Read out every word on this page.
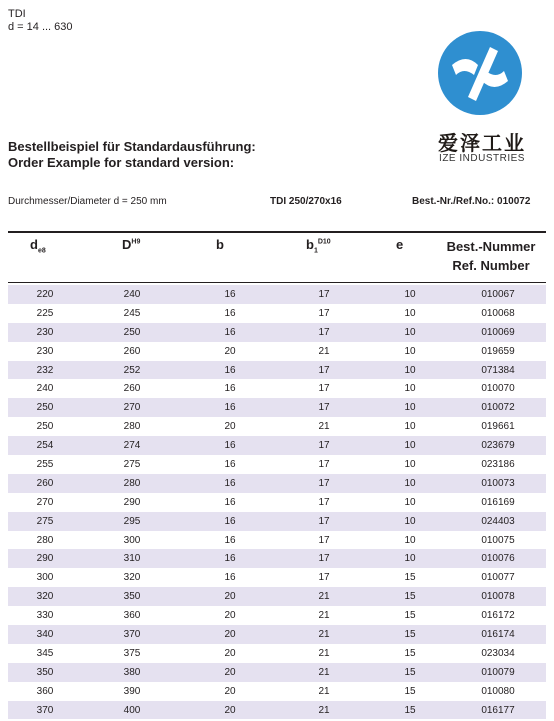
TDI
d = 14 ... 630
爱泽工业
IZE INDUSTRIES
Bestellbeispiel für Standardausführung:
Order Example for standard version:
Durchmesser/Diameter d = 250 mm	TDI 250/270x16	Best.-Nr./Ref.No.: 010072
$d_{e8}$	$D^{H9}$	b	$b_1^{D10}$	e	Best.-Nummer
Ref. Number
220	240	16	17	10	010067
225	245	16	17	10	010068
230	250	16	17	10	010069
230	260	20	21	10	019659
232	252	16	17	10	071384
240	260	16	17	10	010070
250	270	16	17	10	010072
250	280	20	21	10	019661
254	274	16	17	10	023679
255	275	16	17	10	023186
260	280	16	17	10	010073
270	290	16	17	10	016169
275	295	16	17	10	024403
280	300	16	17	10	010075
290	310	16	17	10	010076
300	320	16	17	15	010077
320	350	20	21	15	010078
330	360	20	21	15	016172
340	370	20	21	15	016174
345	375	20	21	15	023034
350	380	20	21	15	010079
360	390	20	21	15	010080
370	400	20	21	15	016177
